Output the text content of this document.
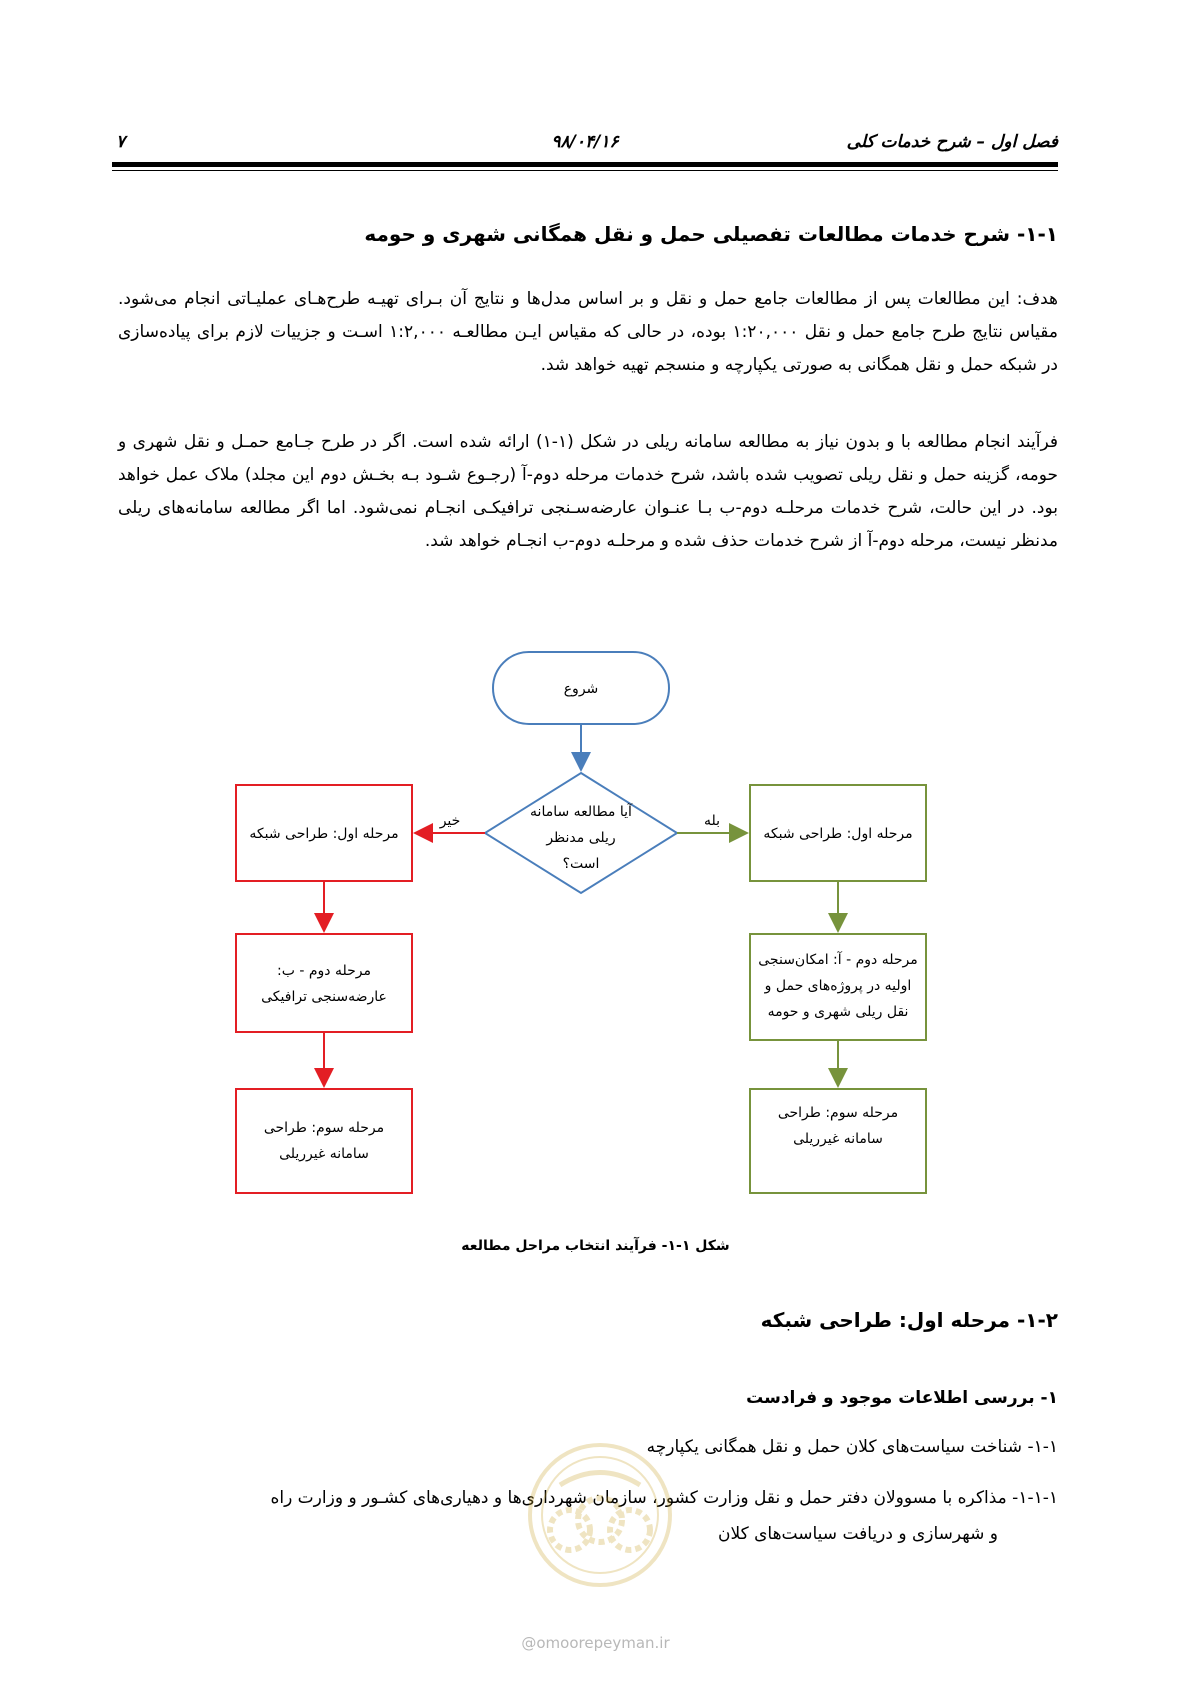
فصل اول – شرح خدمات کلی
۹۸/۰۴/۱۶
۷
۱-۱- شرح خدمات مطالعات تفصیلی حمل و نقل همگانی شهری و حومه
هدف: این مطالعات پس از مطالعات جامع حمل و نقل و بر اساس مدل‌ها و نتایج آن بـرای تهیـه طرح‌هـای عملیـاتی انجام می‌شود. مقیاس نتایج طرح جامع حمل و نقل ۱:۲۰,۰۰۰ بوده، در حالی که مقیاس ایـن مطالعـه ۱:۲,۰۰۰ اسـت و جزییات لازم برای پیاده‌سازی در شبکه حمل و نقل همگانی به صورتی یکپارچه و منسجم تهیه خواهد شد.
فرآیند انجام مطالعه با و بدون نیاز به مطالعه سامانه ریلی در شکل (۱-۱) ارائه شده است. اگر در طرح جـامع حمـل و نقل شهری و حومه، گزینه حمل و نقل ریلی تصویب شده باشد، شرح خدمات مرحله دوم-آ (رجـوع شـود بـه بخـش دوم این مجلد) ملاک عمل خواهد بود. در این حالت، شرح خدمات مرحلـه دوم-ب بـا عنـوان عارضه‌سـنجی ترافیکـی انجـام نمی‌شود. اما اگر مطالعه سامانه‌های ریلی مدنظر نیست، مرحله دوم-آ از شرح خدمات حذف شده و مرحلـه دوم-ب انجـام خواهد شد.
شروع
آیا مطالعه سامانه
ریلی مدنظر
است؟
بله
خیر
مرحله اول: طراحی شبکه
مرحله دوم - ب:
عارضه‌سنجی ترافیکی
مرحله سوم: طراحی
سامانه غیرریلی
مرحله اول: طراحی شبکه
مرحله دوم - آ: امکان‌سنجی
اولیه در پروژه‌های حمل و
نقل ریلی شهری و حومه
مرحله سوم: طراحی
سامانه غیرریلی
شکل ۱-۱- فرآیند انتخاب مراحل مطالعه
۱-۲- مرحله اول: طراحی شبکه
۱- بررسی اطلاعات موجود و فرادست
۱-۱- شناخت سیاست‌های کلان حمل و نقل همگانی یکپارچه
۱-۱-۱- مذاکره با مسوولان دفتر حمل و نقل وزارت کشور، سازمان شهرداری‌ها و دهیاری‌های کشـور و وزارت راه
و شهرسازی و دریافت سیاست‌های کلان
@omoorepeyman.ir
